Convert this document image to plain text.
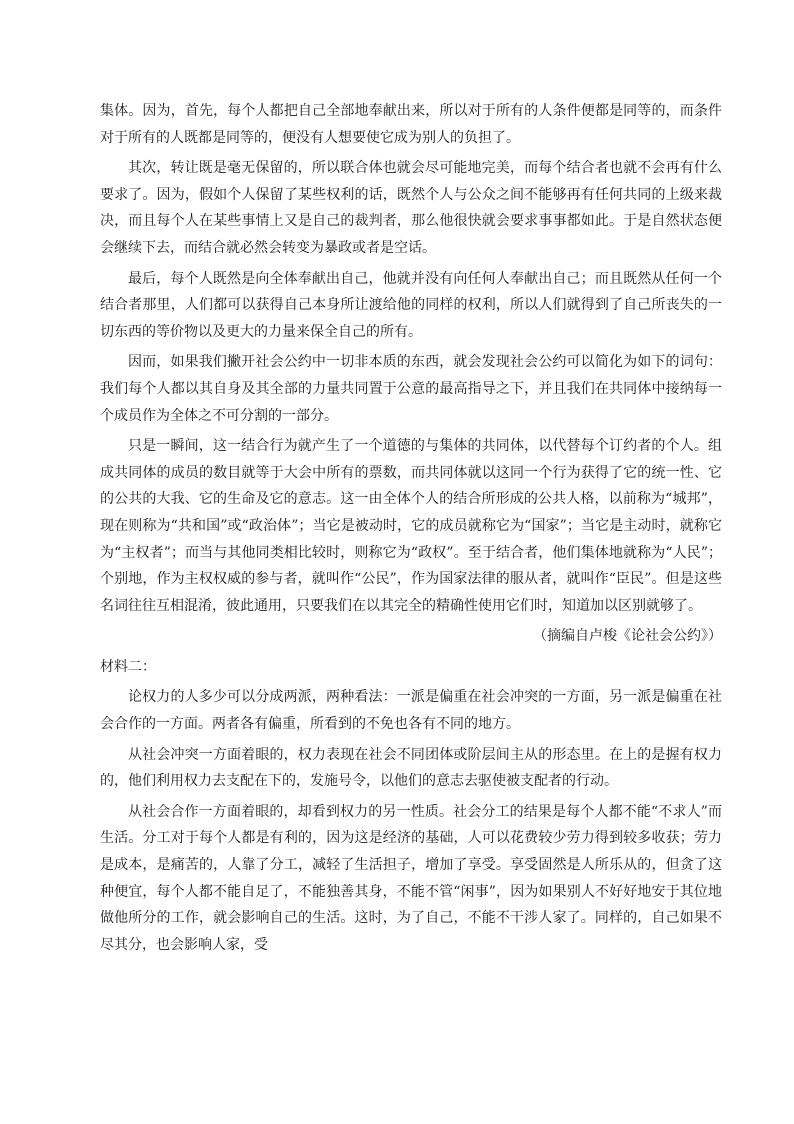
集体。因为，首先，每个人都把自己全部地奉献出来，所以对于所有的人条件便都是同等的，而条件对于所有的人既都是同等的，便没有人想要使它成为别人的负担了。

其次，转让既是毫无保留的，所以联合体也就会尽可能地完美，而每个结合者也就不会再有什么要求了。因为，假如个人保留了某些权利的话，既然个人与公众之间不能够再有任何共同的上级来裁决，而且每个人在某些事情上又是自己的裁判者，那么他很快就会要求事事都如此。于是自然状态便会继续下去，而结合就必然会转变为暴政或者是空话。

最后，每个人既然是向全体奉献出自己，他就并没有向任何人奉献出自己；而且既然从任何一个结合者那里，人们都可以获得自己本身所让渡给他的同样的权利，所以人们就得到了自己所丧失的一切东西的等价物以及更大的力量来保全自己的所有。

因而，如果我们撇开社会公约中一切非本质的东西，就会发现社会公约可以简化为如下的词句：我们每个人都以其自身及其全部的力量共同置于公意的最高指导之下，并且我们在共同体中接纳每一个成员作为全体之不可分割的一部分。

只是一瞬间，这一结合行为就产生了一个道德的与集体的共同体，以代替每个订约者的个人。组成共同体的成员的数目就等于大会中所有的票数，而共同体就以这同一个行为获得了它的统一性、它的公共的大我、它的生命及它的意志。这一由全体个人的结合所形成的公共人格，以前称为“城邦”，现在则称为“共和国”或“政治体”；当它是被动时，它的成员就称它为“国家”；当它是主动时，就称它为“主权者”；而当与其他同类相比较时，则称它为“政权”。至于结合者，他们集体地就称为“人民”；个别地，作为主权权威的参与者，就叫作“公民”，作为国家法律的服从者，就叫作“臣民”。但是这些名词往往互相混淆，彼此通用，只要我们在以其完全的精确性使用它们时，知道加以区别就够了。

（摘编自卢梭《论社会公约》）

材料二：

论权力的人多少可以分成两派，两种看法：一派是偏重在社会冲突的一方面，另一派是偏重在社会合作的一方面。两者各有偏重，所看到的不免也各有不同的地方。

从社会冲突一方面着眼的，权力表现在社会不同团体或阶层间主从的形态里。在上的是握有权力的，他们利用权力去支配在下的，发施号令，以他们的意志去驱使被支配者的行动。

从社会合作一方面着眼的，却看到权力的另一性质。社会分工的结果是每个人都不能“不求人”而生活。分工对于每个人都是有利的，因为这是经济的基础，人可以花费较少劳力得到较多收获；劳力是成本，是痛苦的，人靠了分工，减轻了生活担子，增加了享受。享受固然是人所乐从的，但贪了这种便宜，每个人都不能自足了，不能独善其身，不能不管“闲事”，因为如果别人不好好地安于其位地做他所分的工作，就会影响自己的生活。这时，为了自己，不能不干涉人家了。同样的，自己如果不尽其分，也会影响人家，受
